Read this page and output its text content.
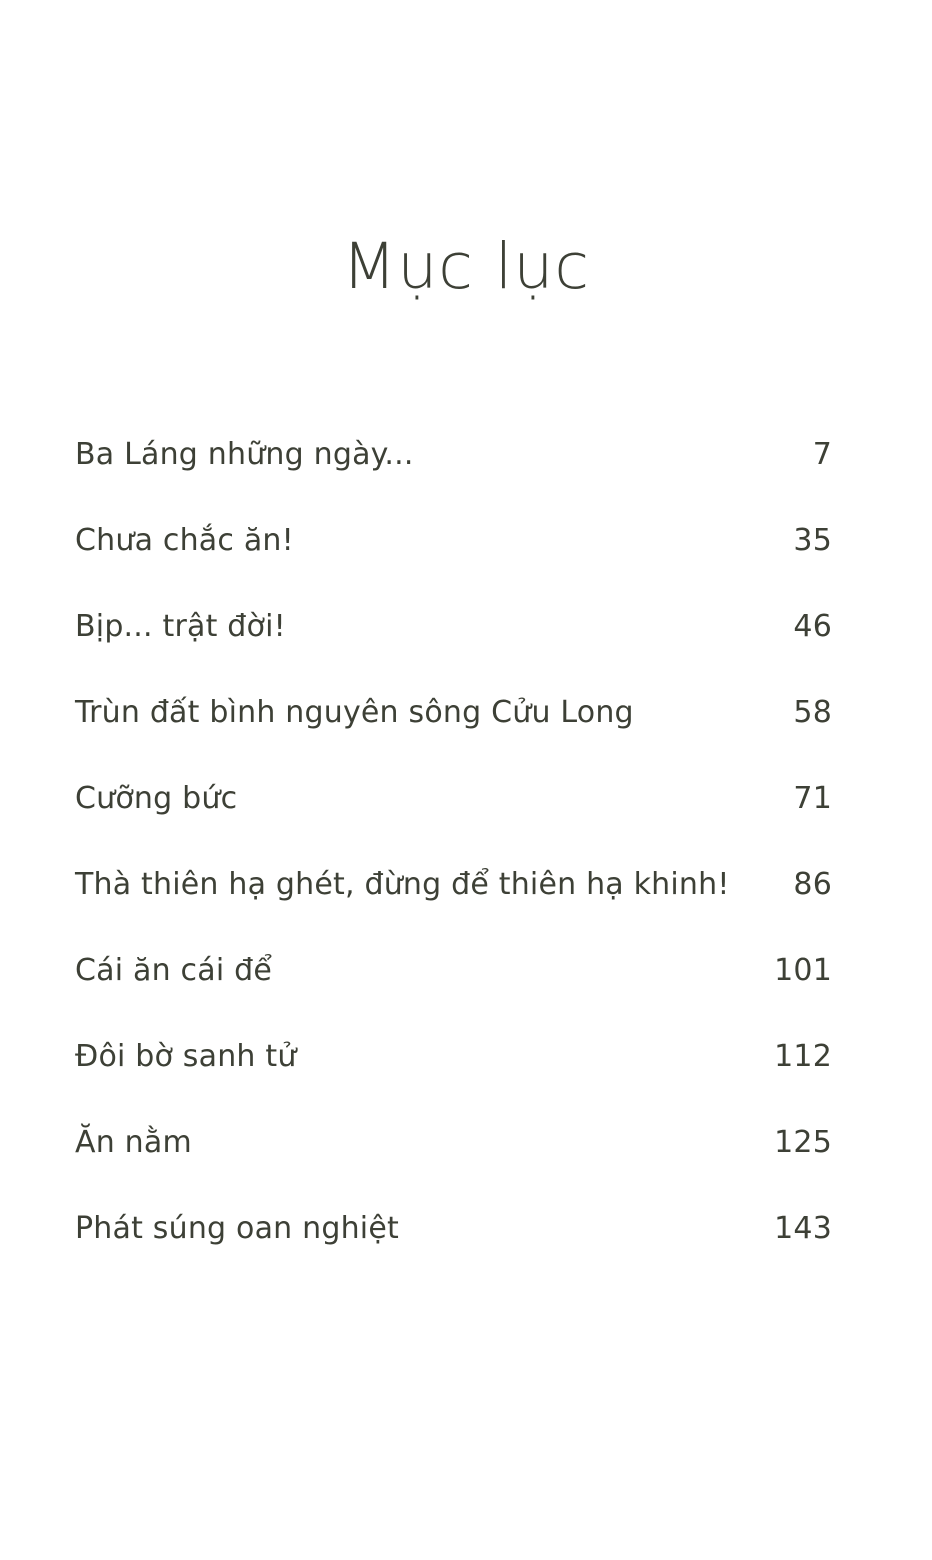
Mục lục
Ba Láng những ngày... .....	7
Chưa chắc ăn! .....	35
Bịp... trật đời! .....	46
Trùn đất bình nguyên sông Cửu Long .....	58
Cưỡng bức .....	71
Thà thiên hạ ghét, đừng để thiên hạ khinh! .....	86
Cái ăn cái để .....	101
Đôi bờ sanh tử .....	112
Ăn nằm .....	125
Phát súng oan nghiệt .....	143
